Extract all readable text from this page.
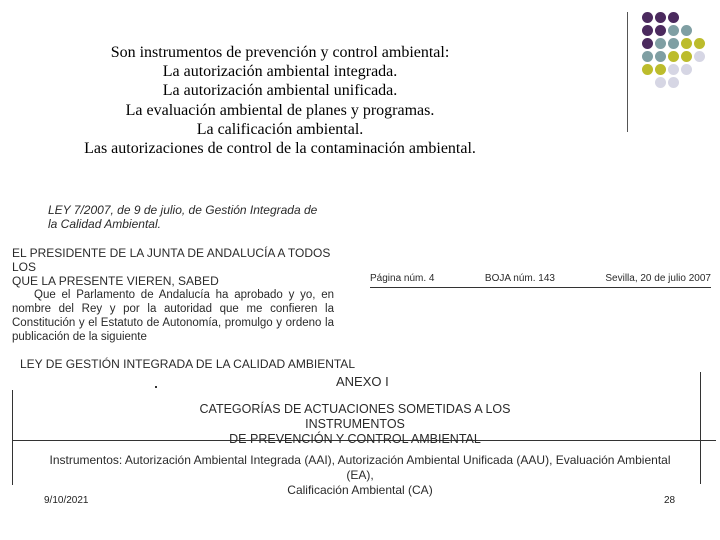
Son instrumentos de prevención y control ambiental:
La autorización ambiental integrada.
La autorización ambiental unificada.
La evaluación ambiental de planes y programas.
La calificación ambiental.
Las autorizaciones de control de la contaminación ambiental.
LEY 7/2007, de 9 de julio, de Gestión Integrada de
la Calidad Ambiental.
EL PRESIDENTE DE LA JUNTA DE ANDALUCÍA A TODOS LOS
QUE LA PRESENTE VIEREN, SABED
Que el Parlamento de Andalucía ha aprobado y yo, en nombre del Rey y por la autoridad que me confieren la Constitución y el Estatuto de Autonomía, promulgo y ordeno la publicación de la siguiente
LEY DE GESTIÓN INTEGRADA DE LA CALIDAD AMBIENTAL
Página núm. 4	BOJA núm. 143	Sevilla, 20 de julio 2007
ANEXO I
CATEGORÍAS DE ACTUACIONES SOMETIDAS A LOS INSTRUMENTOS
DE PREVENCIÓN Y CONTROL AMBIENTAL
Instrumentos: Autorización Ambiental Integrada (AAI), Autorización Ambiental Unificada (AAU), Evaluación Ambiental (EA),
Calificación Ambiental (CA)
9/10/2021	28
